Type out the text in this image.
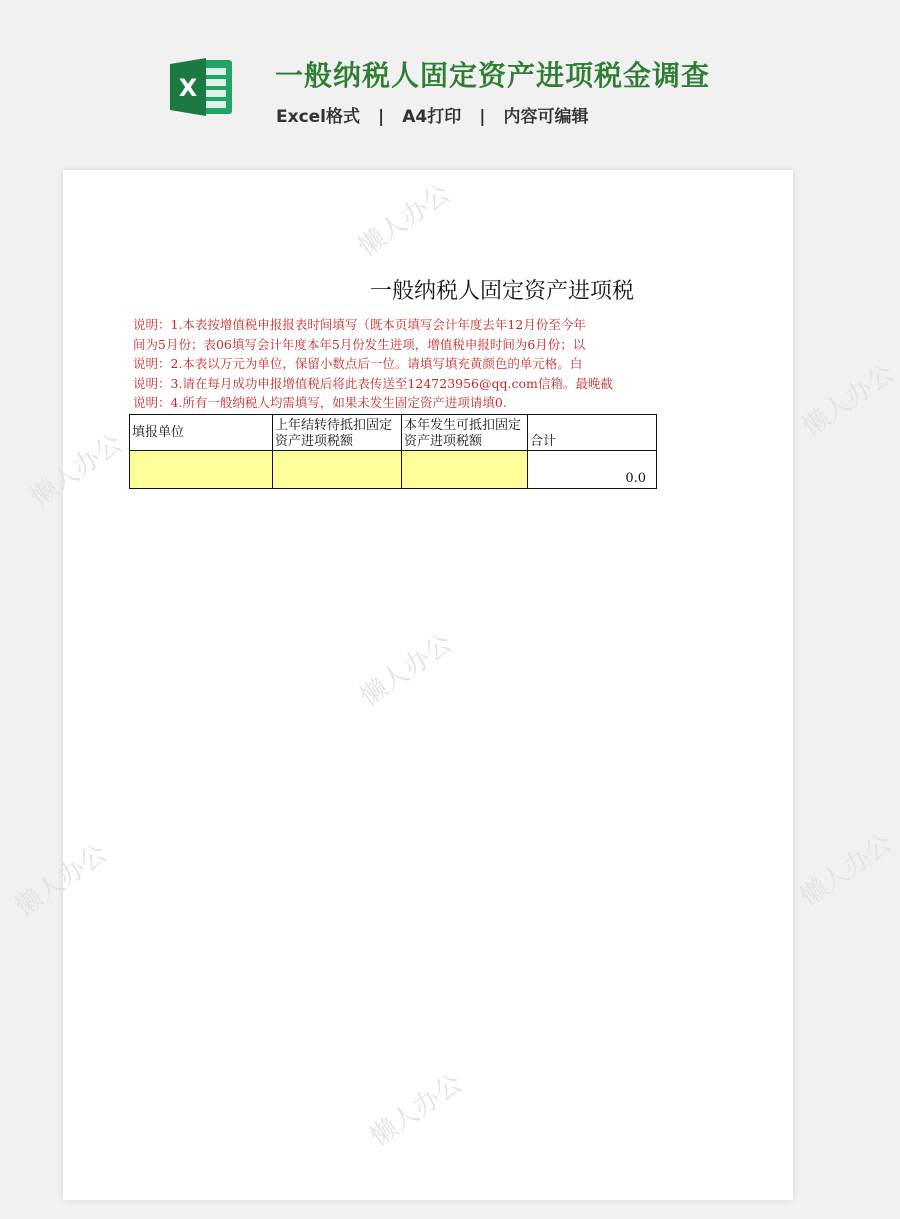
X	一般纳税人固定资产进项税金调查
Excel格式 | A4打印 | 内容可编辑
懒人办公
懒人办公
懒人办公
懒人办公
懒人办公	懒人办公
懒人办公
一般纳税人固定资产进项税
说明：1.本表按增值税申报报表时间填写（既本页填写会计年度去年12月份至今年
间为5月份；表06填写会计年度本年5月份发生进项，增值税申报时间为6月份；以
说明：2.本表以万元为单位，保留小数点后一位。请填写填充黄颜色的单元格。白
说明：3.请在每月成功申报增值税后将此表传送至124723956@qq.com信箱。最晚截
说明：4.所有一般纳税人均需填写，如果未发生固定资产进项请填0.
填报单位	上年结转待抵扣固定资产进项税额	本年发生可抵扣固定资产进项税额	合计
			0.0
